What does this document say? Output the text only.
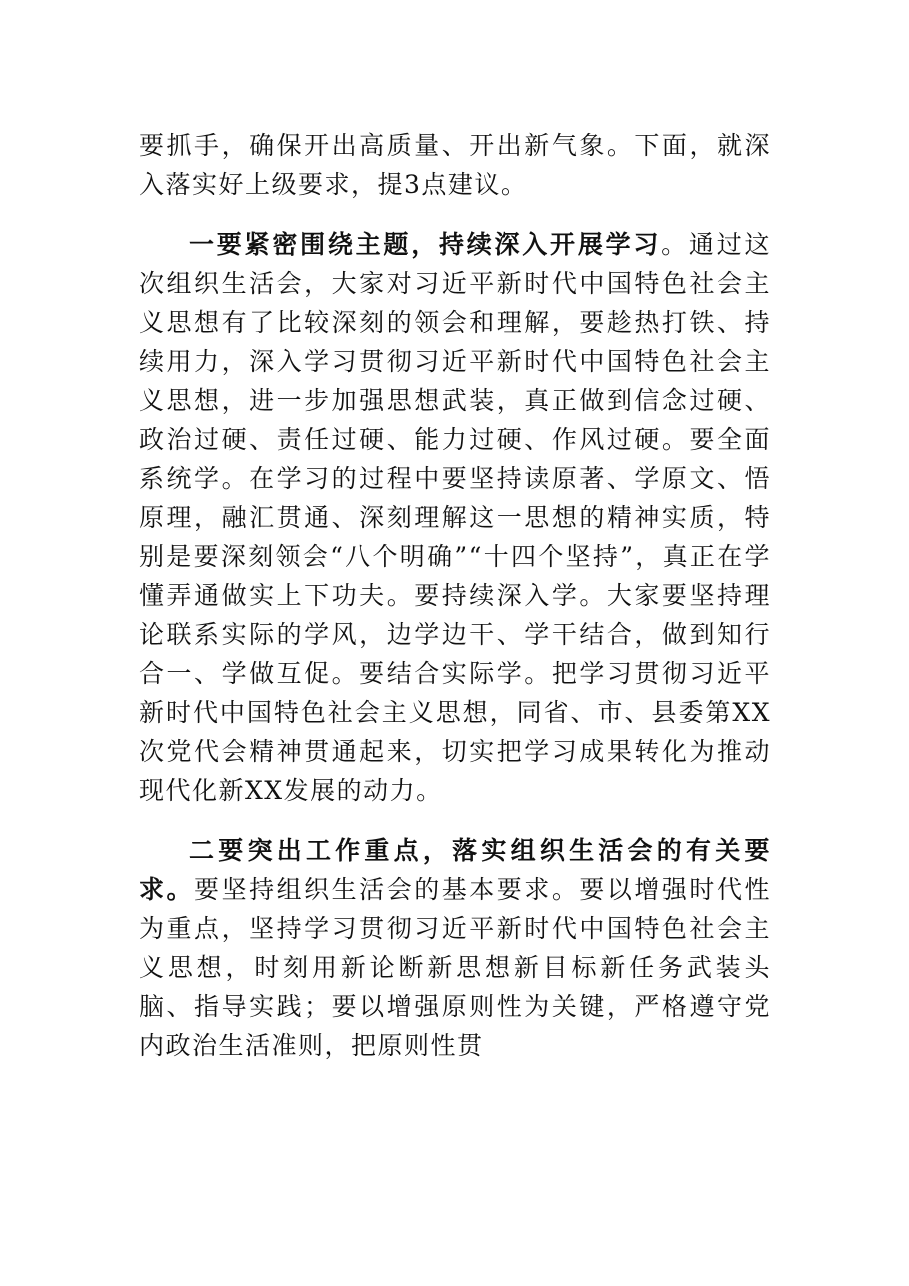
要抓手，确保开出高质量、开出新气象。下面，就深入落实好上级要求，提3点建议。

一要紧密围绕主题，持续深入开展学习。通过这次组织生活会，大家对习近平新时代中国特色社会主义思想有了比较深刻的领会和理解，要趁热打铁、持续用力，深入学习贯彻习近平新时代中国特色社会主义思想，进一步加强思想武装，真正做到信念过硬、政治过硬、责任过硬、能力过硬、作风过硬。要全面系统学。在学习的过程中要坚持读原著、学原文、悟原理，融汇贯通、深刻理解这一思想的精神实质，特别是要深刻领会“八个明确”“十四个坚持”，真正在学懂弄通做实上下功夫。要持续深入学。大家要坚持理论联系实际的学风，边学边干、学干结合，做到知行合一、学做互促。要结合实际学。把学习贯彻习近平新时代中国特色社会主义思想，同省、市、县委第XX次党代会精神贯通起来，切实把学习成果转化为推动现代化新XX发展的动力。

二要突出工作重点，落实组织生活会的有关要求。要坚持组织生活会的基本要求。要以增强时代性为重点，坚持学习贯彻习近平新时代中国特色社会主义思想，时刻用新论断新思想新目标新任务武装头脑、指导实践；要以增强原则性为关键，严格遵守党内政治生活准则，把原则性贯
